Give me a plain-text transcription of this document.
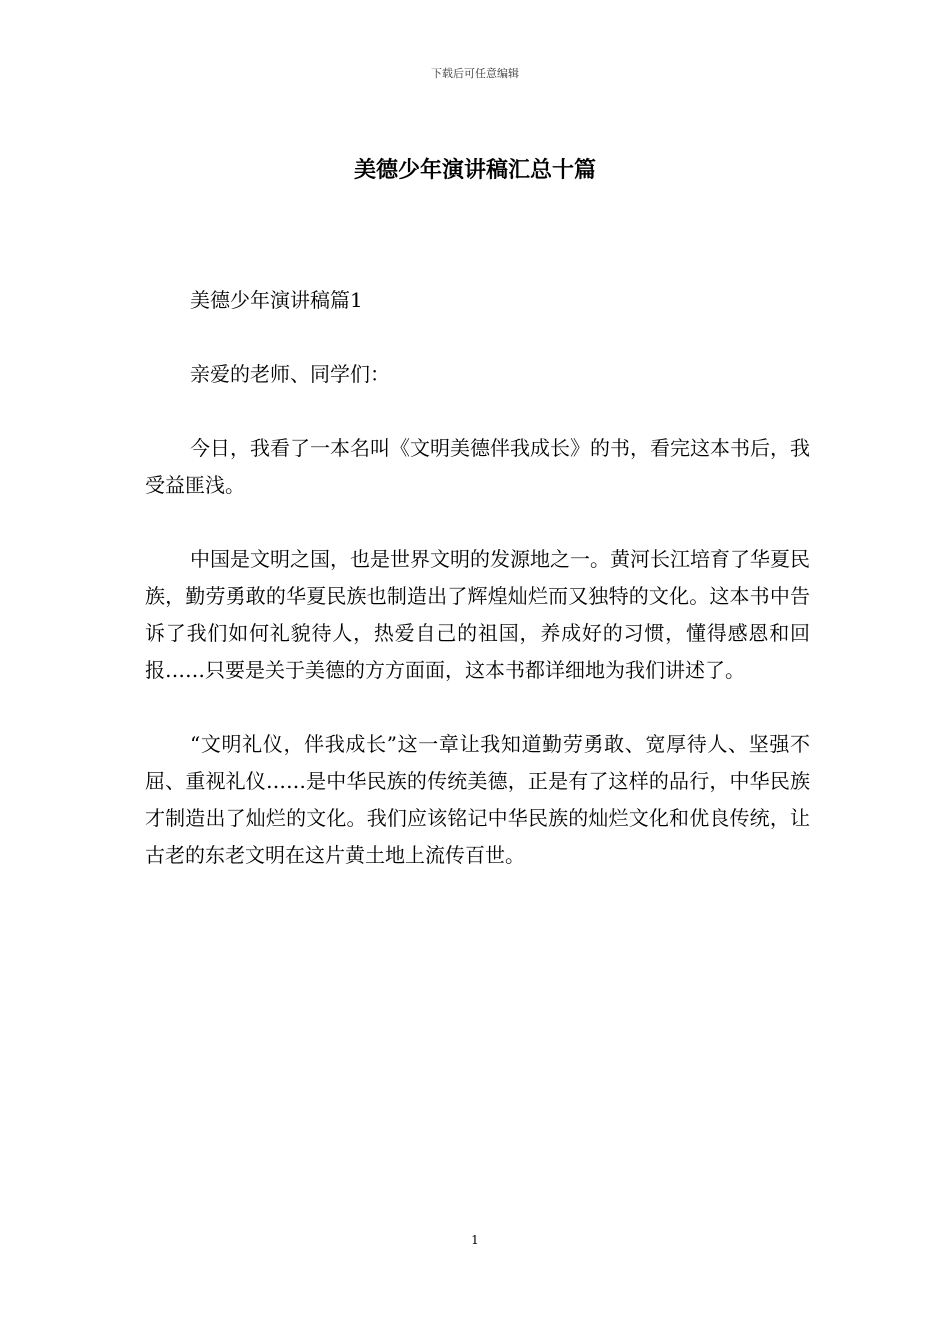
下载后可任意编辑
美德少年演讲稿汇总十篇

美德少年演讲稿篇1

亲爱的老师、同学们：

今日，我看了一本名叫《文明美德伴我成长》的书，看完这本书后，我受益匪浅。

中国是文明之国，也是世界文明的发源地之一。黄河长江培育了华夏民族，勤劳勇敢的华夏民族也制造出了辉煌灿烂而又独特的文化。这本书中告诉了我们如何礼貌待人，热爱自己的祖国，养成好的习惯，懂得感恩和回报……只要是关于美德的方方面面，这本书都详细地为我们讲述了。

“文明礼仪，伴我成长”这一章让我知道勤劳勇敢、宽厚待人、坚强不屈、重视礼仪……是中华民族的传统美德，正是有了这样的品行，中华民族才制造出了灿烂的文化。我们应该铭记中华民族的灿烂文化和优良传统，让古老的东老文明在这片黄土地上流传百世。

1
